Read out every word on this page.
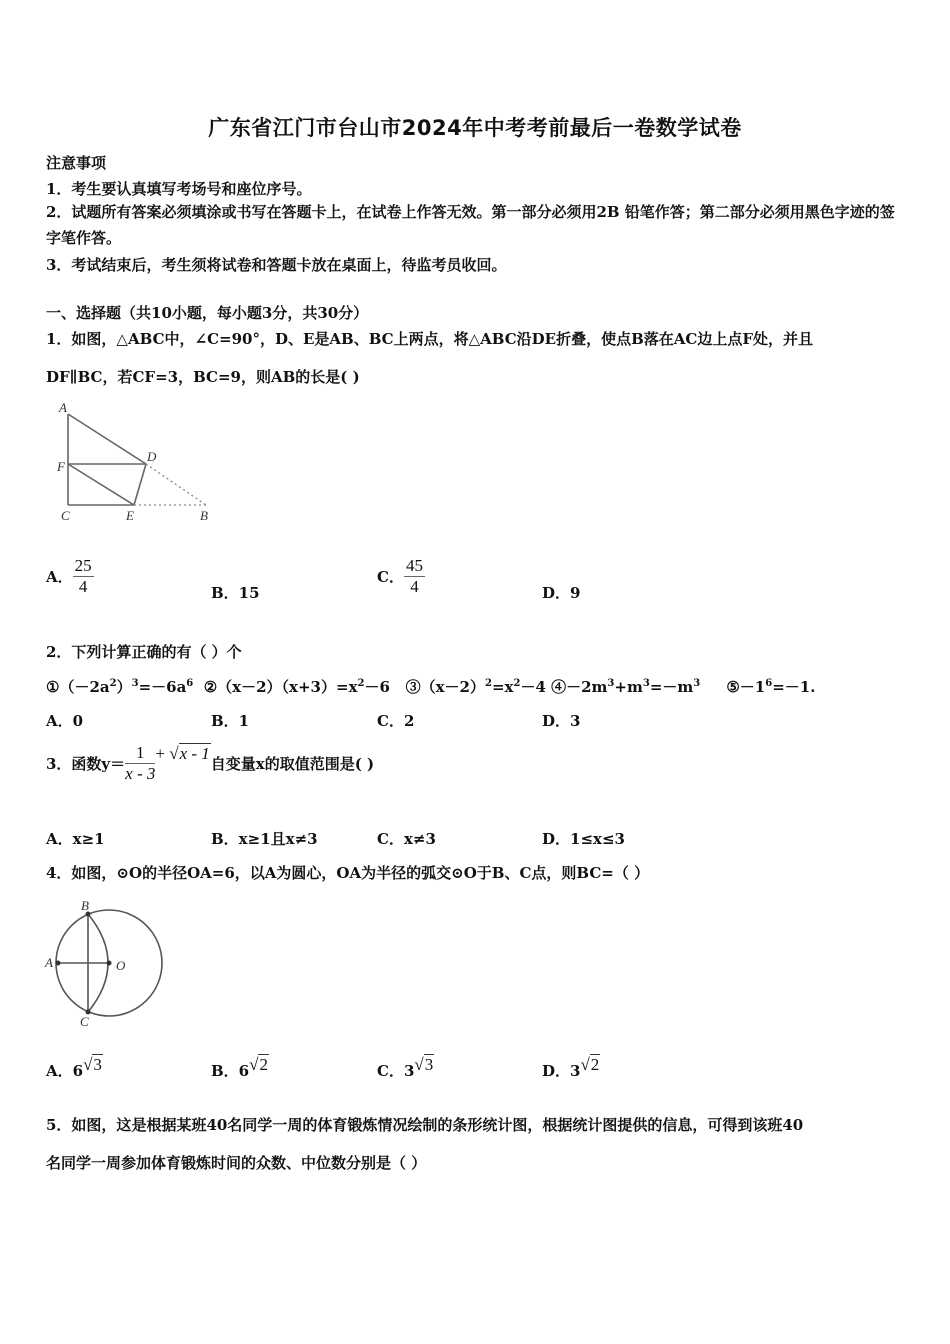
广东省江门市台山市2024年中考考前最后一卷数学试卷
注意事项
1．考生要认真填写考场号和座位序号。
2．试题所有答案必须填涂或书写在答题卡上，在试卷上作答无效。第一部分必须用2B 铅笔作答；第二部分必须用黑色字迹的签字笔作答。
3．考试结束后，考生须将试卷和答题卡放在桌面上，待监考员收回。
一、选择题（共10小题，每小题3分，共30分）
1．如图，△ABC中，∠C=90°，D、E是AB、BC上两点，将△ABC沿DE折叠，使点B落在AC边上点F处，并且
DF∥BC，若CF=3，BC=9，则AB的长是( )
A
F
D
C	E	B
A． $\frac{25}{4}$	B．15
C． $\frac{45}{4}$	D．9
2．下列计算正确的有（ ）个
$①(-2a^2)^3=-6a^6$ $②(x-2)(x+3)=x^2-6$ $③(x-2)^2=x^2-4$ $④-2m^3+m^3=-m^3$ $⑤-1^6=-1$.
A．0	B．1	C．2	D．3
3．函数$y= \frac{1}{x - 3} + √x - 1$自变量x的取值范围是( )
A．x≥1	B．x≥1且x≠3	C．x≠3	D．1≤x≤3
4．如图，⊙O的半径OA=6，以A为圆心，OA为半径的弧交⊙O于B、C点，则BC=（ ）
B
A	O
C
A．6√3	B．6√2	C．3√3	D．3√2
5．如图，这是根据某班40名同学一周的体育锻炼情况绘制的条形统计图，根据统计图提供的信息，可得到该班40
名同学一周参加体育锻炼时间的众数、中位数分别是（ ）
